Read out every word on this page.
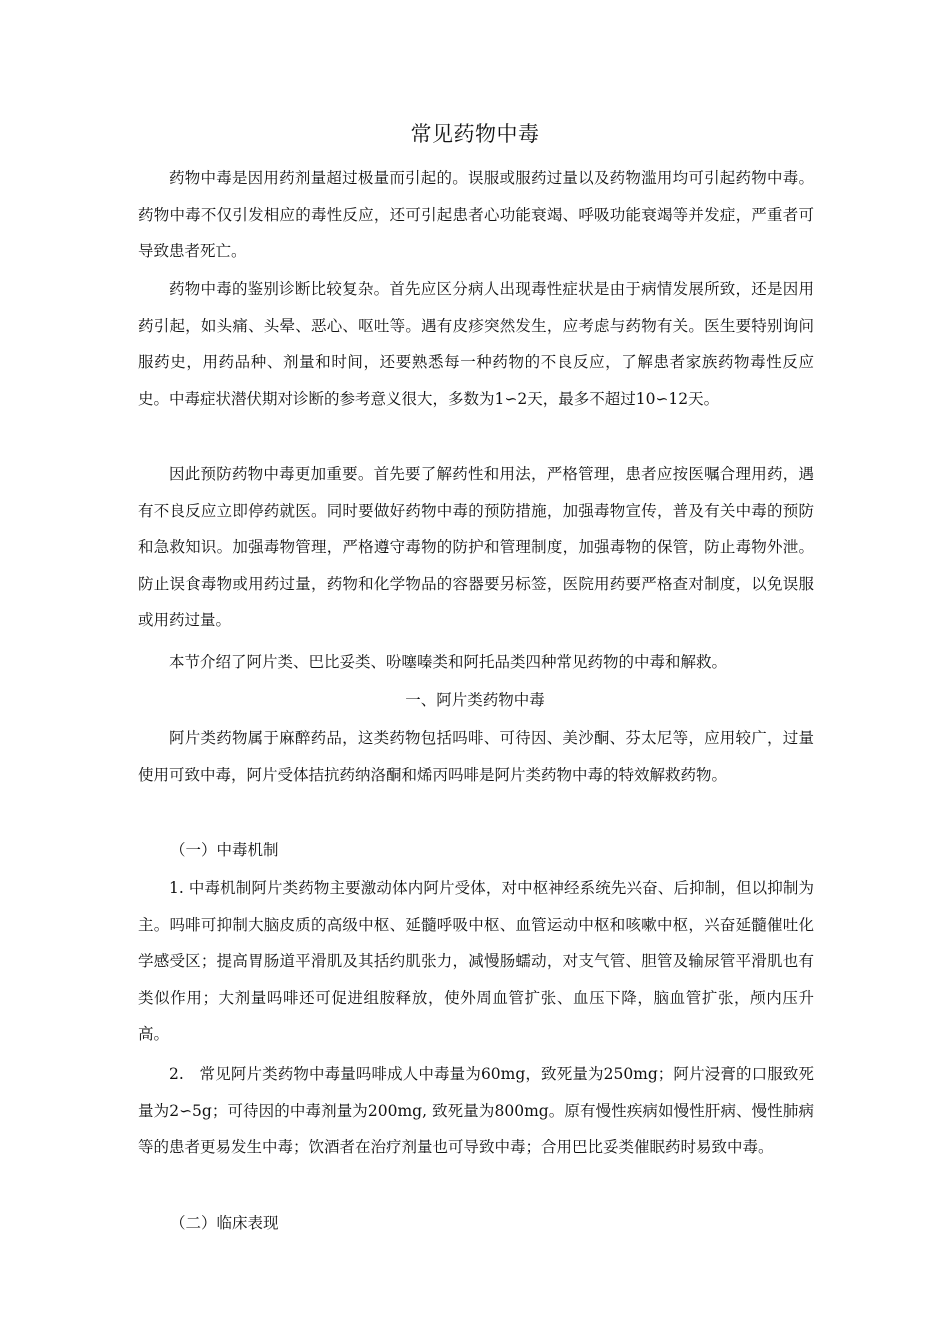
常见药物中毒

药物中毒是因用药剂量超过极量而引起的。误服或服药过量以及药物滥用均可引起药物中毒。药物中毒不仅引发相应的毒性反应，还可引起患者心功能衰竭、呼吸功能衰竭等并发症，严重者可导致患者死亡。

药物中毒的鉴别诊断比较复杂。首先应区分病人出现毒性症状是由于病情发展所致，还是因用药引起，如头痛、头晕、恶心、呕吐等。遇有皮疹突然发生，应考虑与药物有关。医生要特别询问服药史，用药品种、剂量和时间，还要熟悉每一种药物的不良反应，了解患者家族药物毒性反应史。中毒症状潜伏期对诊断的参考意义很大，多数为1∽2天，最多不超过10∽12天。

因此预防药物中毒更加重要。首先要了解药性和用法，严格管理，患者应按医嘱合理用药，遇有不良反应立即停药就医。同时要做好药物中毒的预防措施，加强毒物宣传，普及有关中毒的预防和急救知识。加强毒物管理，严格遵守毒物的防护和管理制度，加强毒物的保管，防止毒物外泄。防止误食毒物或用药过量，药物和化学物品的容器要另标签，医院用药要严格查对制度，以免误服或用药过量。

本节介绍了阿片类、巴比妥类、吩噻嗪类和阿托品类四种常见药物的中毒和解救。

一、阿片类药物中毒

阿片类药物属于麻醉药品，这类药物包括吗啡、可待因、美沙酮、芬太尼等，应用较广，过量使用可致中毒，阿片受体拮抗药纳洛酮和烯丙吗啡是阿片类药物中毒的特效解救药物。

（一）中毒机制

1. 中毒机制阿片类药物主要激动体内阿片受体，对中枢神经系统先兴奋、后抑制，但以抑制为主。吗啡可抑制大脑皮质的高级中枢、延髓呼吸中枢、血管运动中枢和咳嗽中枢，兴奋延髓催吐化学感受区；提高胃肠道平滑肌及其括约肌张力，减慢肠蠕动，对支气管、胆管及输尿管平滑肌也有类似作用；大剂量吗啡还可促进组胺释放，使外周血管扩张、血压下降，脑血管扩张，颅内压升高。

2.　常见阿片类药物中毒量吗啡成人中毒量为60mg，致死量为250mg；阿片浸膏的口服致死量为2∽5g；可待因的中毒剂量为200mg, 致死量为800mg。原有慢性疾病如慢性肝病、慢性肺病等的患者更易发生中毒；饮酒者在治疗剂量也可导致中毒；合用巴比妥类催眠药时易致中毒。

（二）临床表现
